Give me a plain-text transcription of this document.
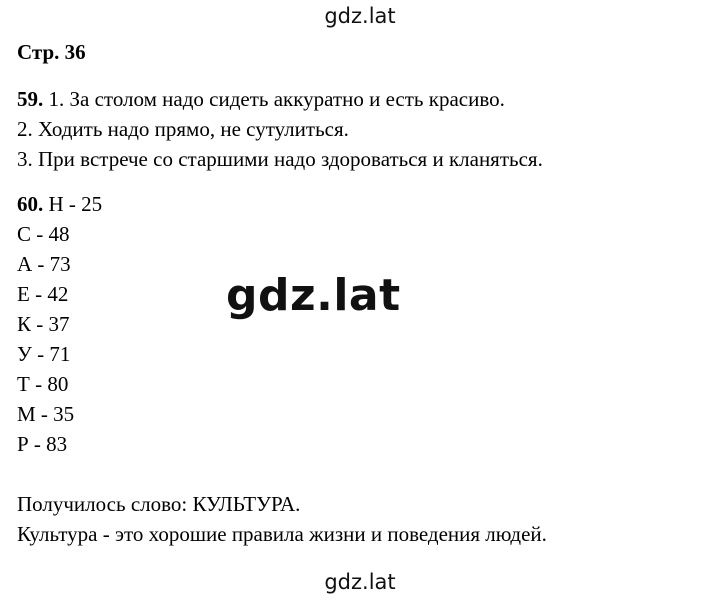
gdz.lat
Стр. 36
59. 1. За столом надо сидеть аккуратно и есть красиво.
2. Ходить надо прямо, не сутулиться.
3. При встрече со старшими надо здороваться и кланяться.
60. Н - 25
С - 48
А - 73
Е - 42
К - 37
У - 71
Т - 80
М - 35
Р - 83
Получилось слово: КУЛЬТУРА.
Культура - это хорошие правила жизни и поведения людей.
gdz.lat
gdz.lat
